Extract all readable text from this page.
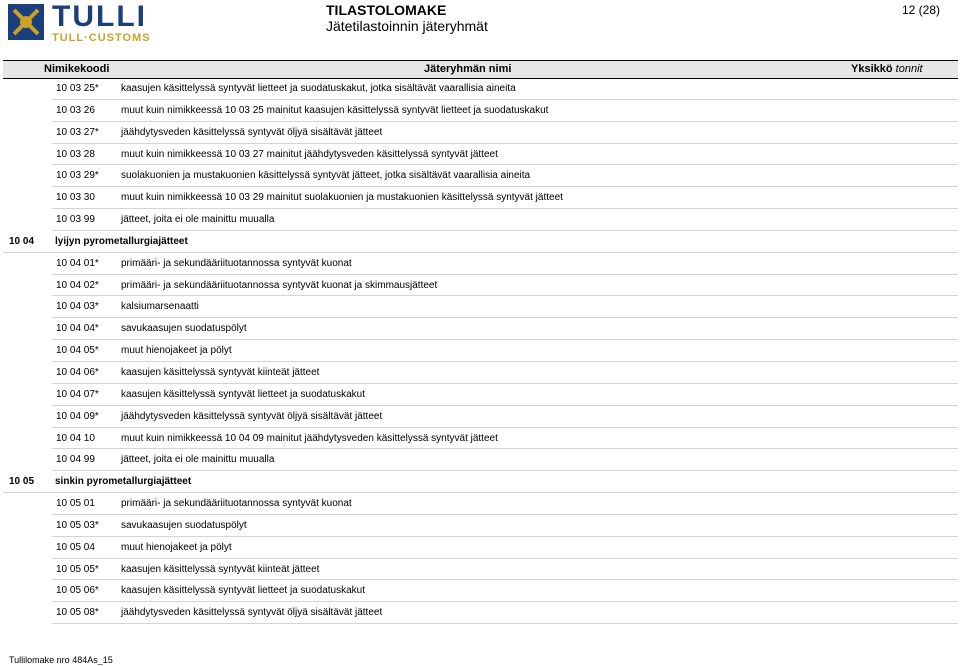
TULLI
TULL·CUSTOMS
TILASTOLOMAKE
Jätetilastoinnin jäteryhmät
12 (28)
Nimikekoodi	Jäteryhmän nimi	Yksikkö tonnit
10 03 25* kaasujen käsittelyssä syntyvät lietteet ja suodatuskakut, jotka sisältävät vaarallisia aineita
10 03 26	muut kuin nimikkeessä 10 03 25 mainitut kaasujen käsittelyssä syntyvät lietteet ja suodatuskakut
10 03 27* jäähdytysveden käsittelyssä syntyvät öljyä sisältävät jätteet
10 03 28	muut kuin nimikkeessä 10 03 27 mainitut jäähdytysveden käsittelyssä syntyvät jätteet
10 03 29* suolakuonien ja mustakuonien käsittelyssä syntyvät jätteet, jotka sisältävät vaarallisia aineita
10 03 30	muut kuin nimikkeessä 10 03 29 mainitut suolakuonien ja mustakuonien käsittelyssä syntyvät jätteet
10 03 99	jätteet, joita ei ole mainittu muualla
10 04 lyijyn pyrometallurgiajätteet
10 04 01* primääri- ja sekundääriituotannossa syntyvät kuonat
10 04 02* primääri- ja sekundääriituotannossa syntyvät kuonat ja skimmausjätteet
10 04 03* kalsiumarsenaatti
10 04 04* savukaasujen suodatuspölyt
10 04 05* muut hienojakeet ja pölyt
10 04 06* kaasujen käsittelyssä syntyvät kiinteät jätteet
10 04 07* kaasujen käsittelyssä syntyvät lietteet ja suodatuskakut
10 04 09* jäähdytysveden käsittelyssä syntyvät öljyä sisältävät jätteet
10 04 10	muut kuin nimikkeessä 10 04 09 mainitut jäähdytysveden käsittelyssä syntyvät jätteet
10 04 99	jätteet, joita ei ole mainittu muualla
10 05 sinkin pyrometallurgiajätteet
10 05 01	primääri- ja sekundääriituotannossa syntyvät kuonat
10 05 03* savukaasujen suodatuspölyt
10 05 04	muut hienojakeet ja pölyt
10 05 05* kaasujen käsittelyssä syntyvät kiinteät jätteet
10 05 06* kaasujen käsittelyssä syntyvät lietteet ja suodatuskakut
10 05 08* jäähdytysveden käsittelyssä syntyvät öljyä sisältävät jätteet
Tullilomake nro 484As_15
